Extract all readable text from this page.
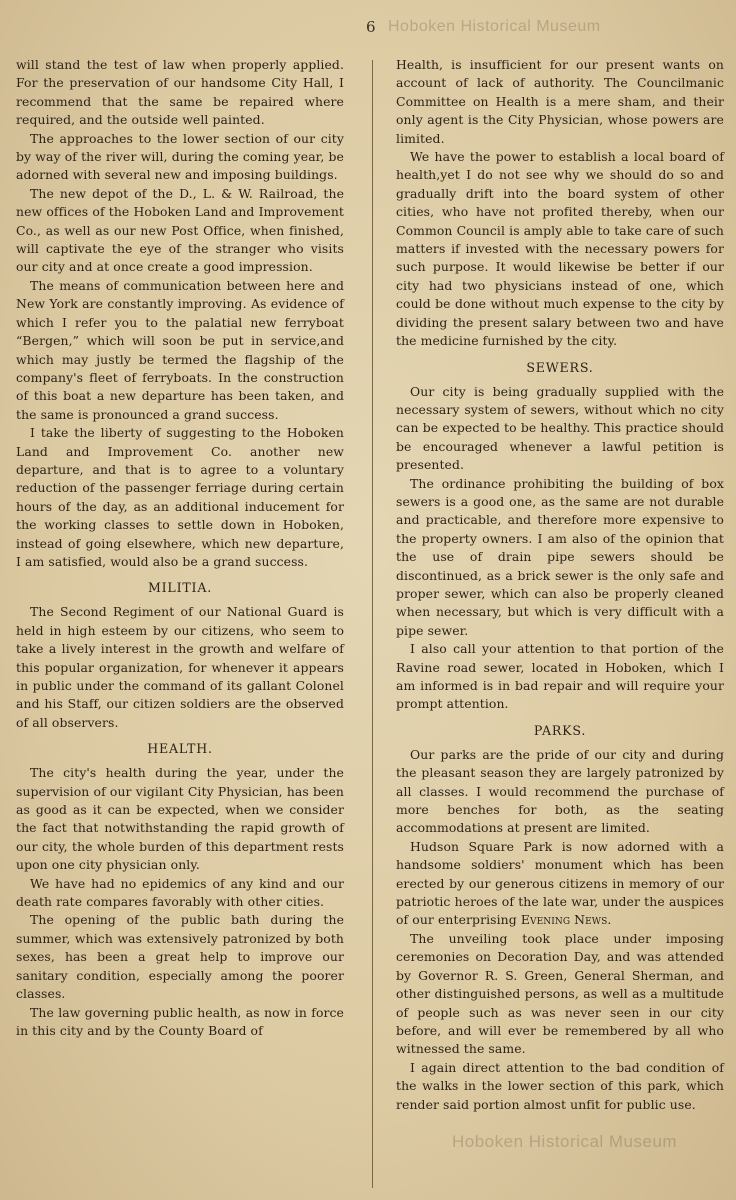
6 Hoboken Historical Museum
Hoboken Historical Museum

will stand the test of law when properly applied. For the preservation of our handsome City Hall, I recommend that the same be repaired where required, and the outside well painted.

The approaches to the lower section of our city by way of the river will, during the coming year, be adorned with several new and imposing buildings.

The new depot of the D., L. & W. Railroad, the new offices of the Hoboken Land and Improvement Co., as well as our new Post Office, when finished, will captivate the eye of the stranger who visits our city and at once create a good impression.

The means of communication between here and New York are constantly improving. As evidence of which I refer you to the palatial new ferryboat “Bergen,” which will soon be put in service,and which may justly be termed the flagship of the company's fleet of ferryboats. In the construction of this boat a new departure has been taken, and the same is pronounced a grand success.

I take the liberty of suggesting to the Hoboken Land and Improvement Co. another new departure, and that is to agree to a voluntary reduction of the passenger ferriage during certain hours of the day, as an additional inducement for the working classes to settle down in Hoboken, instead of going elsewhere, which new departure, I am satisfied, would also be a grand success.

MILITIA.

The Second Regiment of our National Guard is held in high esteem by our citizens, who seem to take a lively interest in the growth and welfare of this popular organization, for whenever it appears in public under the command of its gallant Colonel and his Staff, our citizen soldiers are the observed of all observers.

HEALTH.

The city's health during the year, under the supervision of our vigilant City Physician, has been as good as it can be expected, when we consider the fact that notwithstanding the rapid growth of our city, the whole burden of this department rests upon one city physician only.

We have had no epidemics of any kind and our death rate compares favorably with other cities.

The opening of the public bath during the summer, which was extensively patronized by both sexes, has been a great help to improve our sanitary condition, especially among the poorer classes.

The law governing public health, as now in force in this city and by the County Board of

Health, is insufficient for our present wants on account of lack of authority. The Councilmanic Committee on Health is a mere sham, and their only agent is the City Physician, whose powers are limited.

We have the power to establish a local board of health,yet I do not see why we should do so and gradually drift into the board system of other cities, who have not profited thereby, when our Common Council is amply able to take care of such matters if invested with the necessary powers for such purpose. It would likewise be better if our city had two physicians instead of one, which could be done without much expense to the city by dividing the present salary between two and have the medicine furnished by the city.

SEWERS.

Our city is being gradually supplied with the necessary system of sewers, without which no city can be expected to be healthy. This practice should be encouraged whenever a lawful petition is presented.

The ordinance prohibiting the building of box sewers is a good one, as the same are not durable and practicable, and therefore more expensive to the property owners. I am also of the opinion that the use of drain pipe sewers should be discontinued, as a brick sewer is the only safe and proper sewer, which can also be properly cleaned when necessary, but which is very difficult with a pipe sewer.

I also call your attention to that portion of the Ravine road sewer, located in Hoboken, which I am informed is in bad repair and will require your prompt attention.

PARKS.

Our parks are the pride of our city and during the pleasant season they are largely patronized by all classes. I would recommend the purchase of more benches for both, as the seating accommodations at present are limited.

Hudson Square Park is now adorned with a handsome soldiers' monument which has been erected by our generous citizens in memory of our patriotic heroes of the late war, under the auspices of our enterprising Evening News.

The unveiling took place under imposing ceremonies on Decoration Day, and was attended by Governor R. S. Green, General Sherman, and other distinguished persons, as well as a multitude of people such as was never seen in our city before, and will ever be remembered by all who witnessed the same.

I again direct attention to the bad condition of the walks in the lower section of this park, which render said portion almost unfit for public use.
